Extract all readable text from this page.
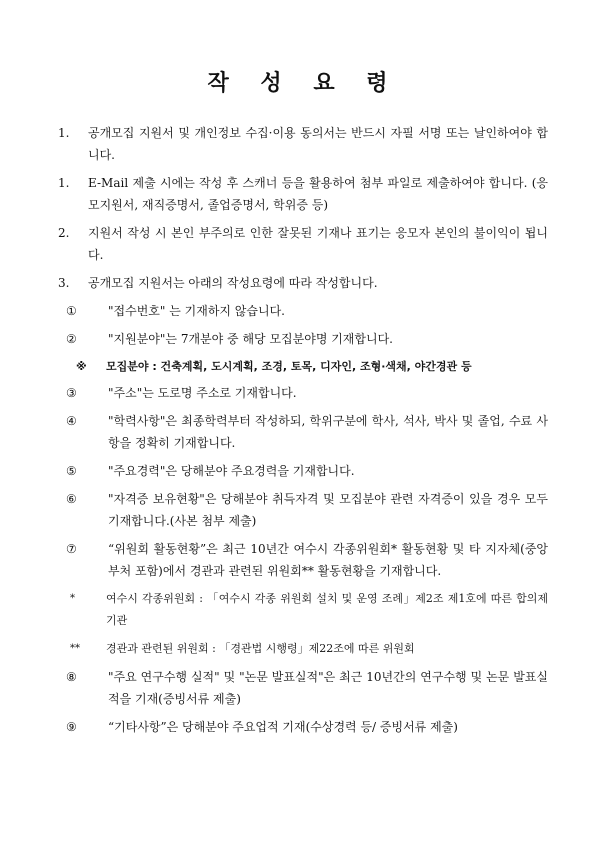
작 성 요 령
1. 공개모집 지원서 및 개인정보 수집·이용 동의서는 반드시 자필 서명 또는 날인하여야 합니다.
1. E-Mail 제출 시에는 작성 후 스캐너 등을 활용하여 첨부 파일로 제출하여야 합니다. (응모지원서, 재직증명서, 졸업증명서, 학위증 등)
2. 지원서 작성 시 본인 부주의로 인한 잘못된 기재나 표기는 응모자 본인의 불이익이 됩니다.
3. 공개모집 지원서는 아래의 작성요령에 따라 작성합니다.
①	"접수번호" 는 기재하지 않습니다.
②	"지원분야"는 7개분야 중 해당 모집분야명 기재합니다.
※ 모집분야 : 건축계획, 도시계획, 조경, 토목, 디자인, 조형·색채, 야간경관 등
③	"주소"는 도로명 주소로 기재합니다.
④	"학력사항"은 최종학력부터 작성하되, 학위구분에 학사, 석사, 박사 및 졸업, 수료 사항을 정확히 기재합니다.
⑤	"주요경력"은 당해분야 주요경력을 기재합니다.
⑥	"자격증 보유현황"은 당해분야 취득자격 및 모집분야 관련 자격증이 있을 경우 모두 기재합니다.(사본 첨부 제출)
⑦	“위원회 활동현황”은 최근 10년간 여수시 각종위원회* 활동현황 및 타 지자체(중앙부처 포함)에서 경관과 관련된 위원회** 활동현황을 기재합니다.
*	여수시 각종위원회 : 「여수시 각종 위원회 설치 및 운영 조례」제2조 제1호에 따른 합의제 기관
** 경관과 관련된 위원회 : 「경관법 시행령」제22조에 따른 위원회
⑧	"주요 연구수행 실적" 및 "논문 발표실적"은 최근 10년간의 연구수행 및 논문 발표실적을 기재(증빙서류 제출)
⑨	“기타사항”은 당해분야 주요업적 기재(수상경력 등/ 증빙서류 제출)
